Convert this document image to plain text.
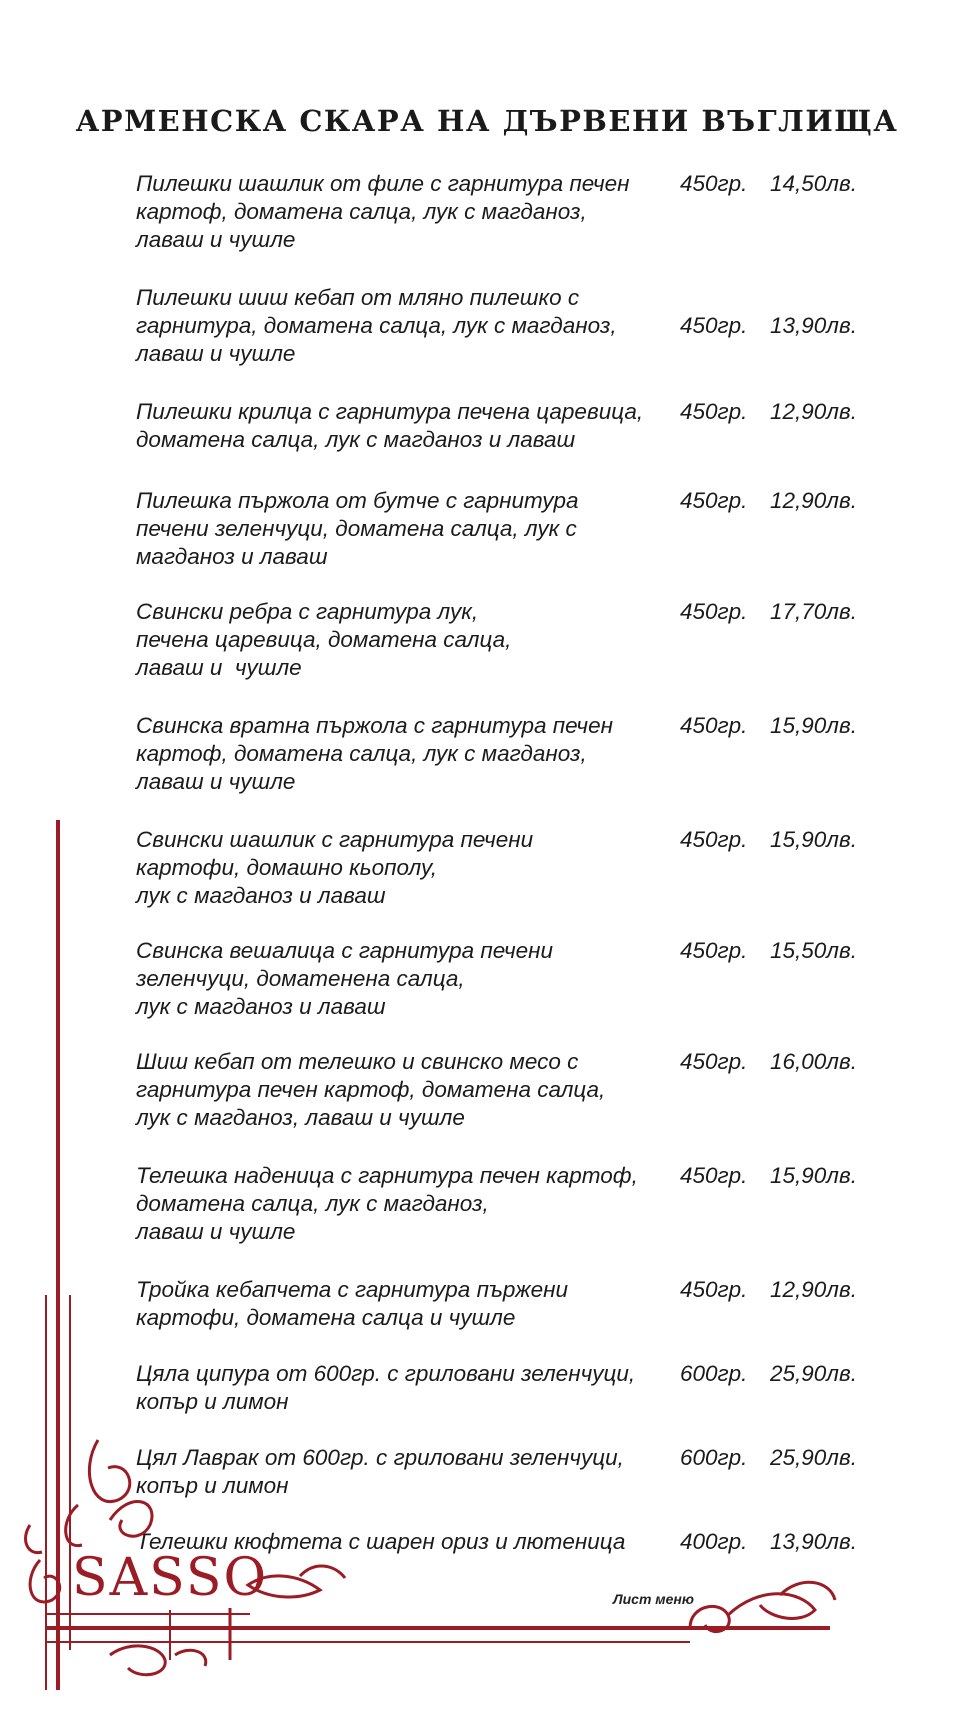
АРМЕНСКА СКАРА НА ДЪРВЕНИ ВЪГЛИЩА
Пилешки шашлик от филе с гарнитура печен
картоф, доматена салца, лук с магданоз,
лаваш и чушле
450гр. 14,50лв.
Пилешки шиш кебап от мляно пилешко с
гарнитура, доматена салца, лук с магданоз,
лаваш и чушле
450гр. 13,90лв.
Пилешки крилца с гарнитура печена царевица,
доматена салца, лук с магданоз и лаваш
450гр. 12,90лв.
Пилешка пържола от бутче с гарнитура
печени зеленчуци, доматена салца, лук с
магданоз и лаваш
450гр. 12,90лв.
Свински ребра с гарнитура лук,
печена царевица, доматена салца,
лаваш и  чушле
450гр. 17,70лв.
Свинска вратна пържола с гарнитура печен
картоф, доматена салца, лук с магданоз,
лаваш и чушле
450гр. 15,90лв.
Свински шашлик с гарнитура печени
картофи, домашно кьополу,
лук с магданоз и лаваш
450гр. 15,90лв.
Свинска вешалица с гарнитура печени
зеленчуци, доматенена салца,
лук с магданоз и лаваш
450гр. 15,50лв.
Шиш кебап от телешко и свинско месо с
гарнитура печен картоф, доматена салца,
лук с магданоз, лаваш и чушле
450гр. 16,00лв.
Телешка наденица с гарнитура печен картоф,
доматена салца, лук с магданоз,
лаваш и чушле
450гр. 15,90лв.
Тройка кебапчета с гарнитура пържени
картофи, доматена салца и чушле
450гр. 12,90лв.
Цяла ципура от 600гр. с гриловани зеленчуци,
копър и лимон
600гр. 25,90лв.
Цял Лаврак от 600гр. с гриловани зеленчуци,
копър и лимон
600гр. 25,90лв.
Телешки кюфтета с шарен ориз и лютеница	400гр. 13,90лв.
SASSO	Лист меню
